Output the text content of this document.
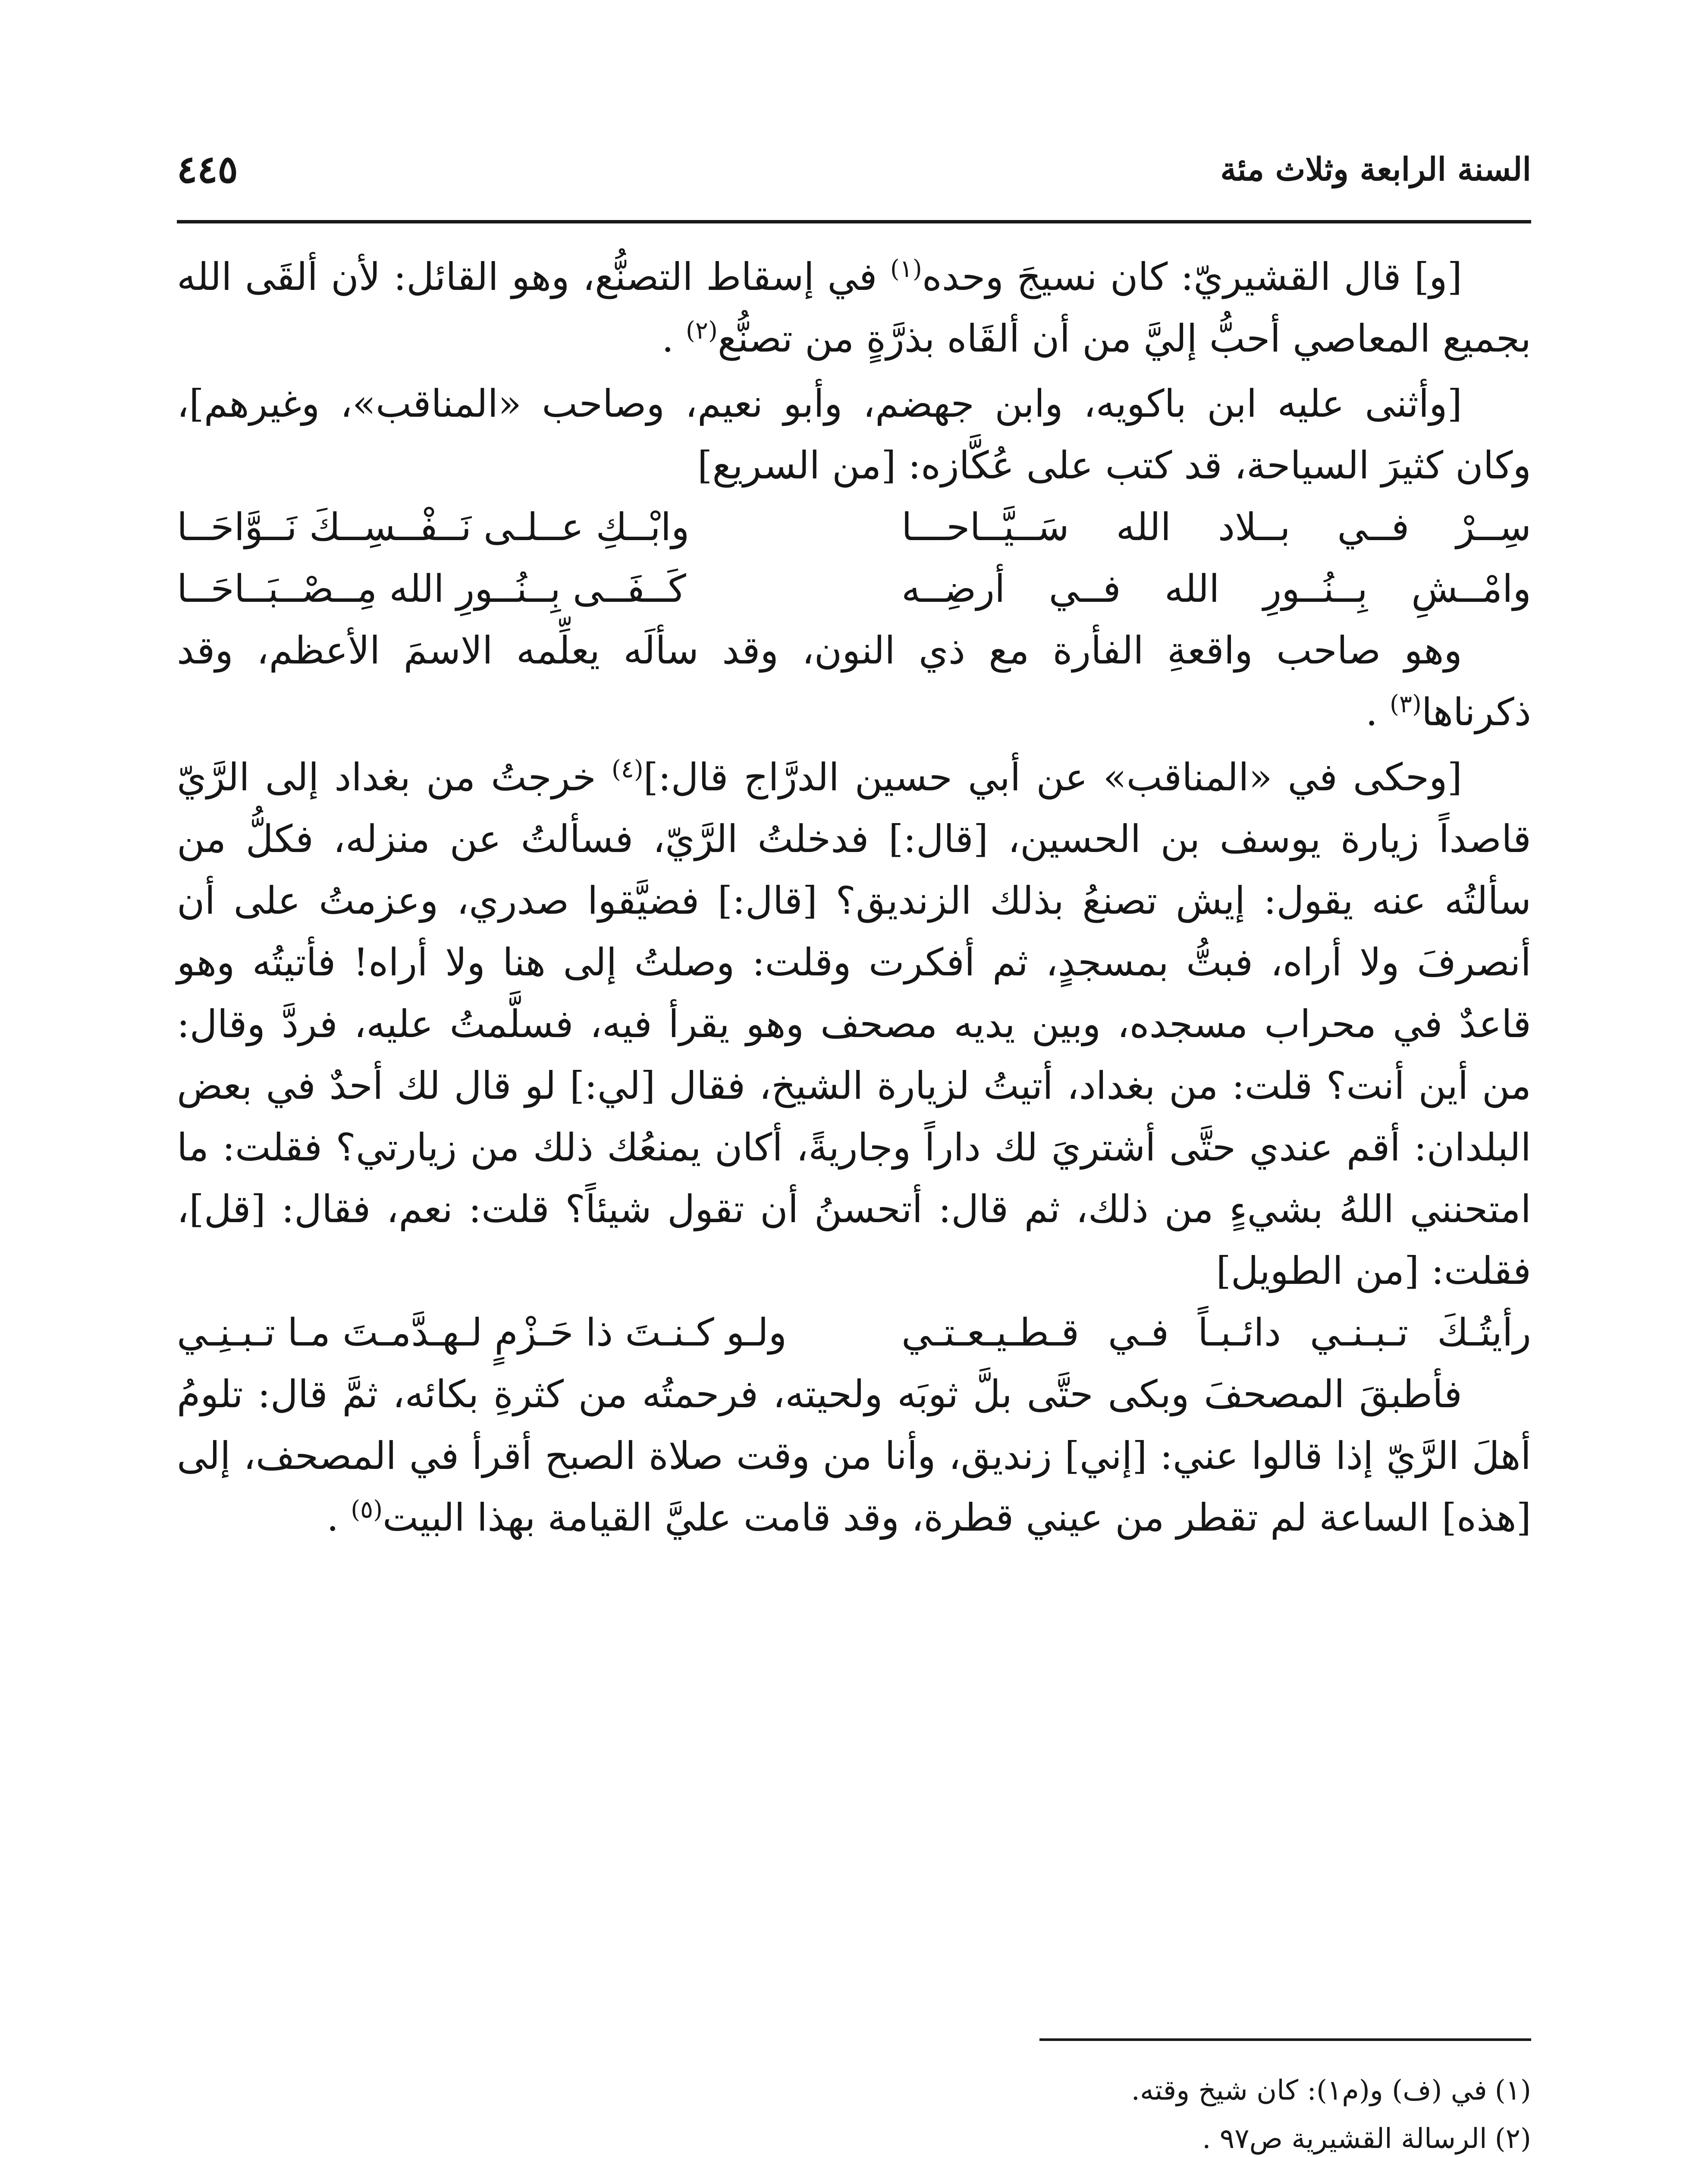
السنة الرابعة وثلاث مئة
٤٤٥

[و] قال القشيريّ: كان نسيجَ وحده$^{(١)}$ في إسقاط التصنُّع، وهو القائل: لأن ألقَى الله بجميع المعاصي أحبُّ إليَّ من أن ألقَاه بذرَّةٍ من تصنُّع$^{(٢)}$ .

[وأثنى عليه ابن باكويه، وابن جهضم، وأبو نعيم، وصاحب «المناقب»، وغيرهم]، وكان كثيرَ السياحة، قد كتب على عُكَّازه: [من السريع]

سِــرْ فــي بــلاد الله سَــيَّــاحـــا
وابْــكِ عــلـى نَــفْــسِــكَ نَــوَّاحَــا
وامْــشِ بِــنُــورِ الله فــي أرضِــه
كَــفَــى بِــنُــورِ الله مِــصْــبَــاحَــا

وهو صاحب واقعةِ الفأرة مع ذي النون، وقد سألَه يعلِّمه الاسمَ الأعظم، وقد ذكرناها$^{(٣)}$ .

[وحكى في «المناقب» عن أبي حسين الدرَّاج قال:]$^{(٤)}$ خرجتُ من بغداد إلى الرَّيّ قاصداً زيارة يوسف بن الحسين، [قال:] فدخلتُ الرَّيّ، فسألتُ عن منزله، فكلُّ من سألتُه عنه يقول: إيش تصنعُ بذلك الزنديق؟ [قال:] فضيَّقوا صدري، وعزمتُ على أن أنصرفَ ولا أراه، فبتُّ بمسجدٍ، ثم أفكرت وقلت: وصلتُ إلى هنا ولا أراه! فأتيتُه وهو قاعدٌ في محراب مسجده، وبين يديه مصحف وهو يقرأ فيه، فسلَّمتُ عليه، فردَّ وقال: من أين أنت؟ قلت: من بغداد، أتيتُ لزيارة الشيخ، فقال [لي:] لو قال لك أحدٌ في بعض البلدان: أقم عندي حتَّى أشتريَ لك داراً وجاريةً، أكان يمنعُك ذلك من زيارتي؟ فقلت: ما امتحنني اللهُ بشيءٍ من ذلك، ثم قال: أتحسنُ أن تقول شيئاً؟ قلت: نعم، فقال: [قل]، فقلت: [من الطويل]

رأيتُـكَ تـبـنـي دائـبـاً فـي قـطـيـعـتـي
ولـو كـنـتَ ذا حَـزْمٍ لـهـدَّمـتَ مـا تـبـنِـي

فأطبقَ المصحفَ وبكى حتَّى بلَّ ثوبَه ولحيته، فرحمتُه من كثرةِ بكائه، ثمَّ قال: تلومُ أهلَ الرَّيّ إذا قالوا عني: [إني] زنديق، وأنا من وقت صلاة الصبح أقرأ في المصحف، إلى [هذه] الساعة لم تقطر من عيني قطرة، وقد قامت عليَّ القيامة بهذا البيت$^{(٥)}$ .

(١)في (ف) و(م١): كان شيخ وقته.

(٢)الرسالة القشيرية ص٩٧ .
